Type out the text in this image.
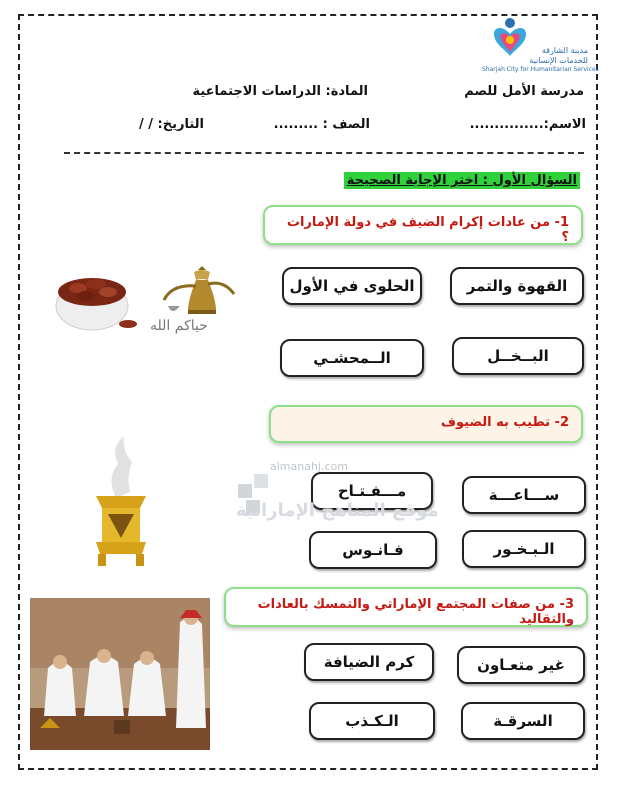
مدينة الشارقة
للخدمات الإنسانية
Sharjah City for Humanitarian Services
مدرسة الأمل للصم
المادة: الدراسات الاجتماعية
الاسم:...............
الصف : .........
التاريخ: / /
السؤال الأول : اختر الإجابة الصحيحة
1- من عادات إكرام الضيف في دولة الإمارات ؟
القهوة والتمر
الحلوى في الأول
البــخــل
الــمحشـي
حياكم الله
2- تطيب به الضيوف
ســـاعـــة
مـــفـتـاح
الـبـخـور
فـانـوس
almanahj.com
موقع المناهج الإماراتية
3- من صفات المجتمع الإماراتي والتمسك بالعادات والتقاليد
غير متعـاون
كرم الضيافة
السرقـة
الـكـذب
